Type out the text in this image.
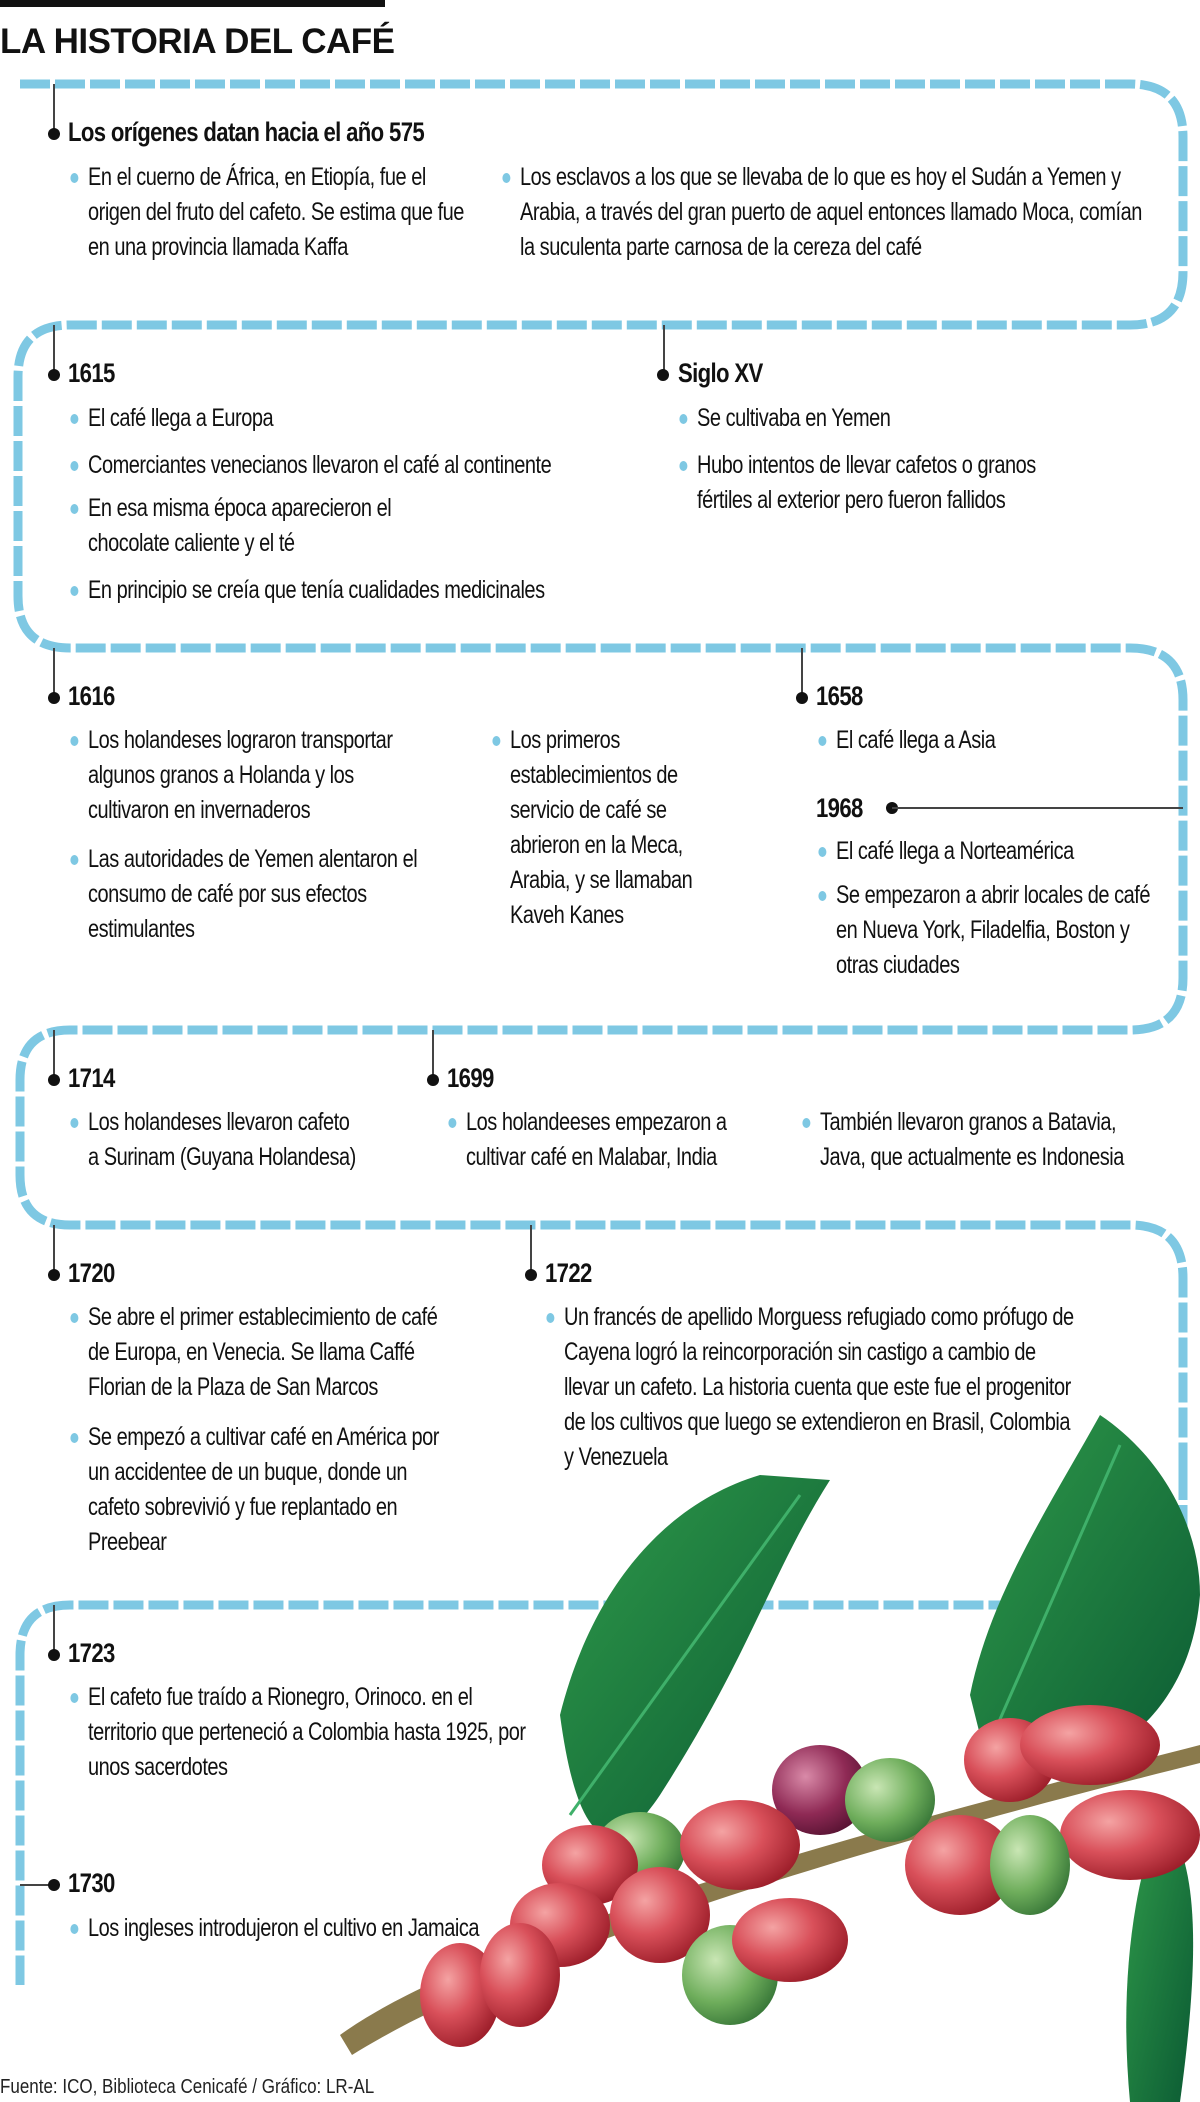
LA HISTORIA DEL CAFÉ
Los orígenes datan hacia el año 575
En el cuerno de África, en Etiopía, fue el origen del fruto del cafeto. Se estima que fue en una provincia llamada Kaffa
Los esclavos a los que se llevaba de lo que es hoy el Sudán a Yemen y Arabia, a través del gran puerto de aquel entonces llamado Moca, comían la suculenta parte carnosa de la cereza del café
1615
El café llega a Europa
Comerciantes venecianos llevaron el café al continente
En esa misma época aparecieron el chocolate caliente y el té
En principio se creía que tenía cualidades medicinales
Siglo XV
Se cultivaba en Yemen
Hubo intentos de llevar cafetos o granos fértiles al exterior pero fueron fallidos
1616
Los holandeses lograron transportar algunos granos a Holanda y los cultivaron en invernaderos
Las autoridades de Yemen alentaron el consumo de café por sus efectos estimulantes
Los primeros establecimientos de servicio de café se abrieron en la Meca, Arabia, y se llamaban Kaveh Kanes
1658
El café llega a Asia
1968
El café llega a Norteamérica
Se empezaron a abrir locales de café en Nueva York, Filadelfia, Boston y otras ciudades
1714
Los holandeses llevaron cafeto a Surinam (Guyana Holandesa)
1699
Los holandeeses empezaron a cultivar café en Malabar, India
También llevaron granos a Batavia, Java, que actualmente es Indonesia
1720
Se abre el primer establecimiento de café de Europa, en Venecia. Se llama Caffé Florian de la Plaza de San Marcos
Se empezó a cultivar café en América por un accidentee de un buque, donde un cafeto sobrevivió y fue replantado en Preebear
1722
Un francés de apellido Morguess refugiado como prófugo de Cayena logró la reincorporación sin castigo a cambio de llevar un cafeto. La historia cuenta que este fue el progenitor de los cultivos que luego se extendieron en Brasil, Colombia y Venezuela
1723
El cafeto fue traído a Rionegro, Orinoco. en el territorio que perteneció a Colombia hasta 1925, por unos sacerdotes
1730
Los ingleses introdujeron el cultivo en Jamaica
Fuente: ICO, Biblioteca Cenicafé / Gráfico: LR-AL
